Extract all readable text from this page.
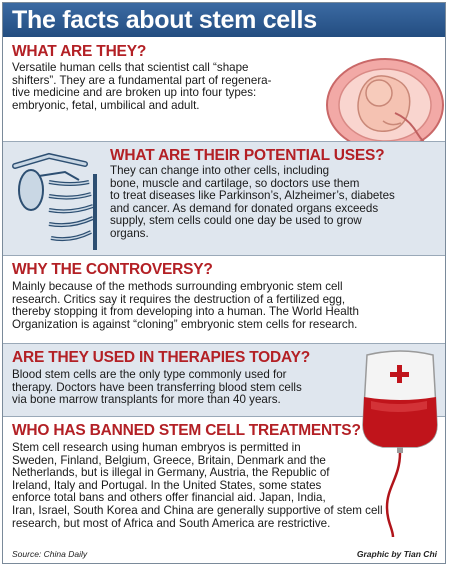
The facts about stem cells
WHAT ARE THEY?
Versatile human cells that scientist call “shape
shifters”. They are a fundamental part of regenera-
tive medicine and are broken up into four types:
embryonic, fetal, umbilical and adult.
WHAT ARE THEIR POTENTIAL USES?
They can change into other cells, including
bone, muscle and cartilage, so doctors use them
to treat diseases like Parkinson’s, Alzheimer’s, diabetes
and cancer. As demand for donated organs exceeds
supply, stem cells could one day be used to grow
organs.
WHY THE CONTROVERSY?
Mainly because of the methods surrounding embryonic stem cell
research. Critics say it requires the destruction of a fertilized egg,
thereby stopping it from developing into a human. The World Health
Organization is against “cloning” embryonic stem cells for research.
ARE THEY USED IN THERAPIES TODAY?
Blood stem cells are the only type commonly used for
therapy. Doctors have been transferring blood stem cells
via bone marrow transplants for more than 40 years.
WHO HAS BANNED STEM CELL TREATMENTS?
Stem cell research using human embryos is permitted in
Sweden, Finland, Belgium, Greece, Britain, Denmark and the
Netherlands, but is illegal in Germany, Austria, the Republic of
Ireland, Italy and Portugal. In the United States, some states
enforce total bans and others offer financial aid. Japan, India,
Iran, Israel, South Korea and China are generally supportive of stem cell
research, but most of Africa and South America are restrictive.
Source: China Daily	Graphic by Tian Chi
